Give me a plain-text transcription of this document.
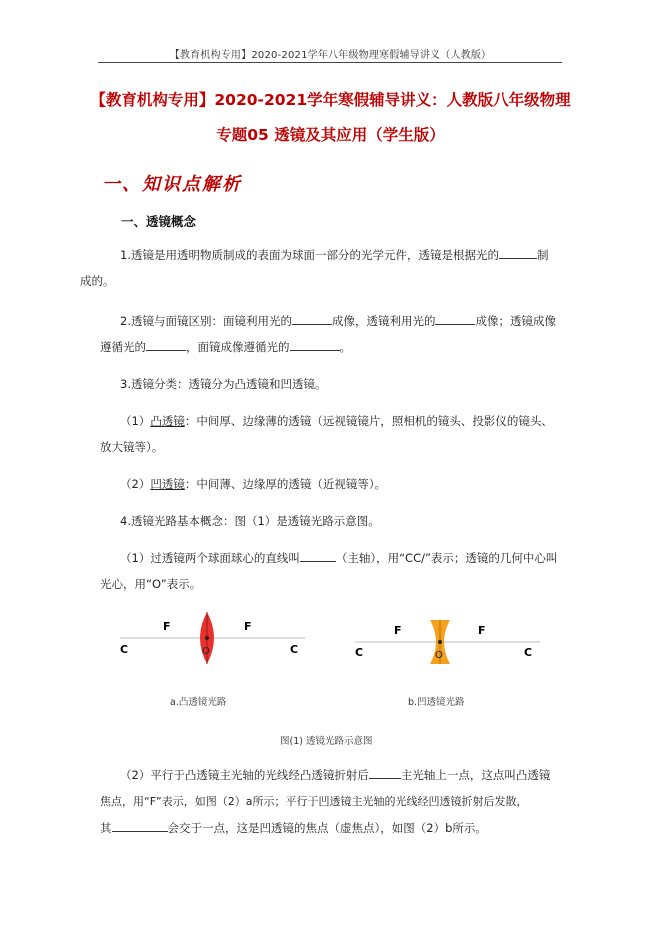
【教育机构专用】2020-2021学年八年级物理寒假辅导讲义（人教版）
【教育机构专用】2020-2021学年寒假辅导讲义：人教版八年级物理
专题05 透镜及其应用（学生版）
一、知识点解析
一、透镜概念
1.透镜是用透明物质制成的表面为球面一部分的光学元件，透镜是根据光的	制
成的。
2.透镜与面镜区别：面镜利用光的	成像，透镜利用光的	成像；透镜成像
遵循光的	，面镜成像遵循光的	。
3.透镜分类：透镜分为凸透镜和凹透镜。
（1）凸透镜：中间厚、边缘薄的透镜（远视镜镜片，照相机的镜头、投影仪的镜头、
放大镜等）。
（2）凹透镜：中间薄、边缘厚的透镜（近视镜等）。
4.透镜光路基本概念：图（1）是透镜光路示意图。
（1）过透镜两个球面球心的直线叫	（主轴），用“CC/”表示；透镜的几何中心叫
光心，用“O”表示。
F	F
C	C
O
a.凸透镜光路
F	F
C	C
O
b.凹透镜光路
图(1) 透镜光路示意图
（2）平行于凸透镜主光轴的光线经凸透镜折射后	主光轴上一点，这点叫凸透镜
焦点，用“F”表示，如图（2）a所示；平行于凹透镜主光轴的光线经凹透镜折射后发散，
其	会交于一点，这是凹透镜的焦点（虚焦点），如图（2）b所示。
